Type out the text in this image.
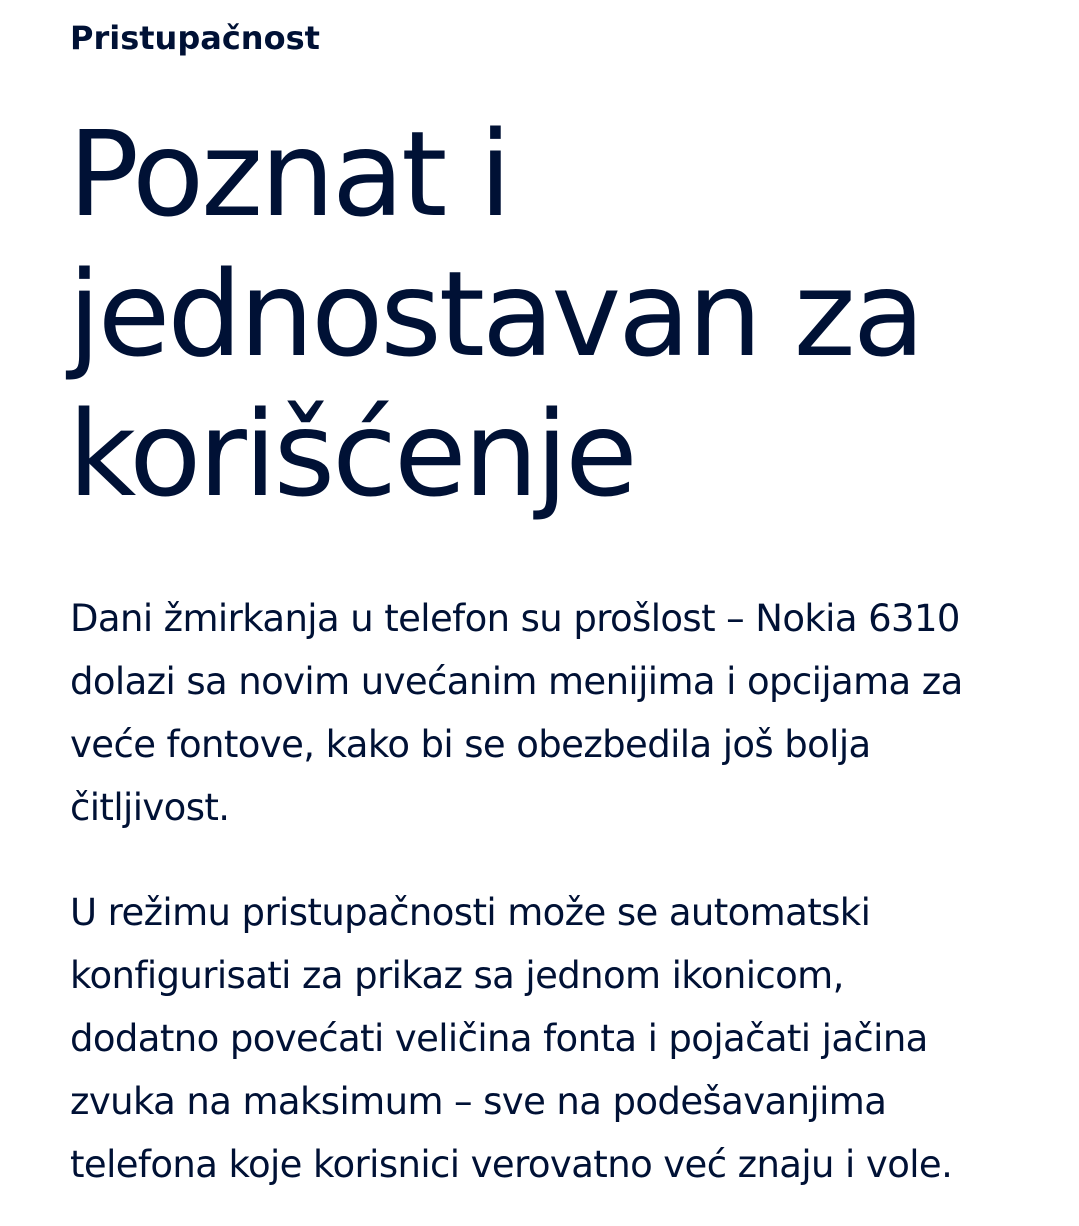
Pristupačnost

Poznat i
jednostavan za
korišćenje

Dani žmirkanja u telefon su prošlost – Nokia 6310
dolazi sa novim uvećanim menijima i opcijama za
veće fontove, kako bi se obezbedila još bolja
čitljivost.

U režimu pristupačnosti može se automatski
konfigurisati za prikaz sa jednom ikonicom,
dodatno povećati veličina fonta i pojačati jačina
zvuka na maksimum – sve na podešavanjima
telefona koje korisnici verovatno već znaju i vole.
